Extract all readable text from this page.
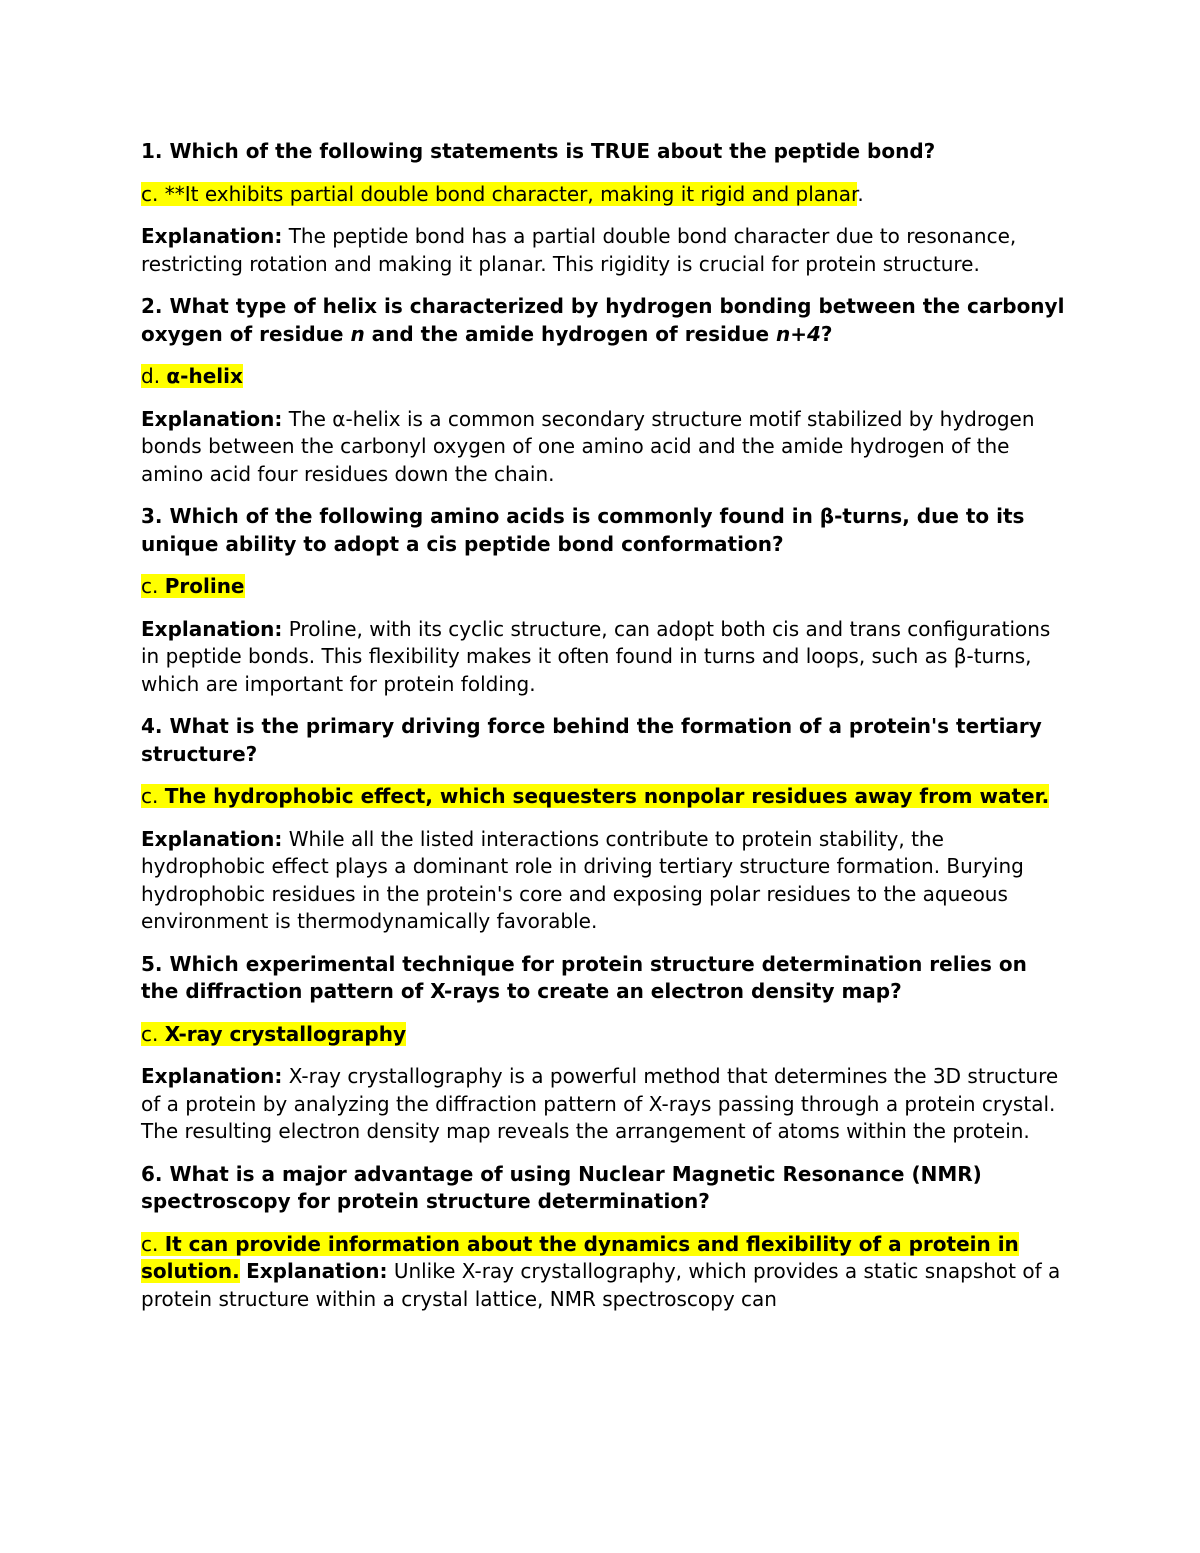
1. Which of the following statements is TRUE about the peptide bond?

c. **It exhibits partial double bond character, making it rigid and planar.

Explanation: The peptide bond has a partial double bond character due to resonance, restricting rotation and making it planar. This rigidity is crucial for protein structure.

2. What type of helix is characterized by hydrogen bonding between the carbonyl oxygen of residue n and the amide hydrogen of residue n+4?

d. α-helix

Explanation: The α-helix is a common secondary structure motif stabilized by hydrogen bonds between the carbonyl oxygen of one amino acid and the amide hydrogen of the amino acid four residues down the chain.

3. Which of the following amino acids is commonly found in β-turns, due to its unique ability to adopt a cis peptide bond conformation?

c. Proline

Explanation: Proline, with its cyclic structure, can adopt both cis and trans configurations in peptide bonds. This flexibility makes it often found in turns and loops, such as β-turns, which are important for protein folding.

4. What is the primary driving force behind the formation of a protein's tertiary structure?

c. The hydrophobic effect, which sequesters nonpolar residues away from water.

Explanation: While all the listed interactions contribute to protein stability, the hydrophobic effect plays a dominant role in driving tertiary structure formation. Burying hydrophobic residues in the protein's core and exposing polar residues to the aqueous environment is thermodynamically favorable.

5. Which experimental technique for protein structure determination relies on the diffraction pattern of X-rays to create an electron density map?

c. X-ray crystallography

Explanation: X-ray crystallography is a powerful method that determines the 3D structure of a protein by analyzing the diffraction pattern of X-rays passing through a protein crystal. The resulting electron density map reveals the arrangement of atoms within the protein.

6. What is a major advantage of using Nuclear Magnetic Resonance (NMR) spectroscopy for protein structure determination?

c. It can provide information about the dynamics and flexibility of a protein in solution. Explanation: Unlike X-ray crystallography, which provides a static snapshot of a protein structure within a crystal lattice, NMR spectroscopy can
